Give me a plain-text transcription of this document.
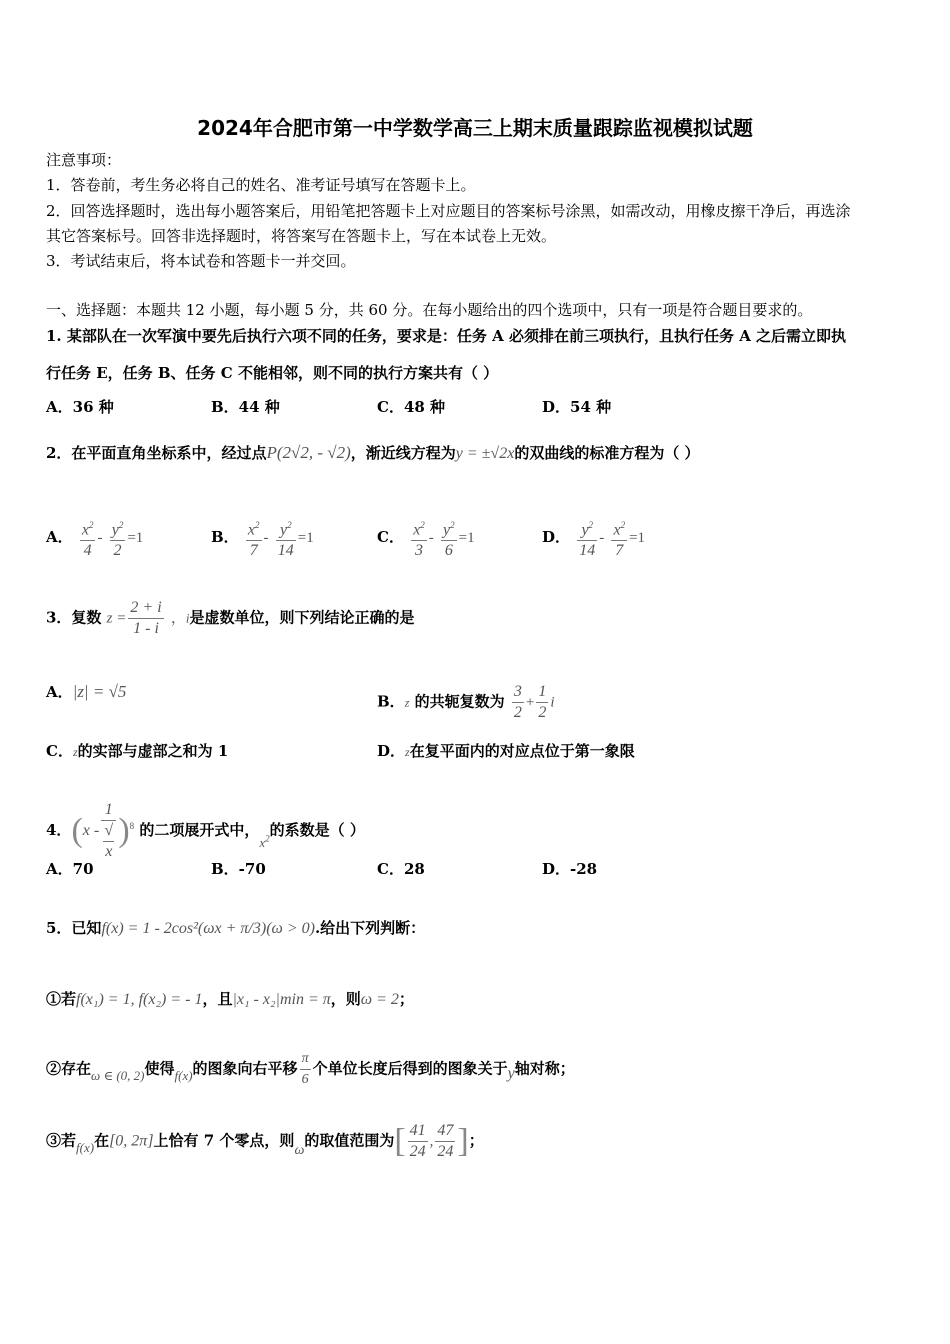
2024年合肥市第一中学数学高三上期末质量跟踪监视模拟试题
注意事项：
1．答卷前，考生务必将自己的姓名、准考证号填写在答题卡上。
2．回答选择题时，选出每小题答案后，用铅笔把答题卡上对应题目的答案标号涂黑，如需改动，用橡皮擦干净后，再选涂
其它答案标号。回答非选择题时，将答案写在答题卡上，写在本试卷上无效。
3．考试结束后，将本试卷和答题卡一并交回。
一、选择题：本题共 12 小题，每小题 5 分，共 60 分。在每小题给出的四个选项中，只有一项是符合题目要求的。
1. 某部队在一次军演中要先后执行六项不同的任务，要求是：任务 A 必须排在前三项执行，且执行任务 A 之后需立即执
行任务 E，任务 B、任务 C 不能相邻，则不同的执行方案共有（ ）
A．36 种	B．44 种	C．48 种	D．54 种
2．在平面直角坐标系中，经过点P(2√2, - √2)，渐近线方程为y = ±√2x的双曲线的标准方程为（ ）
A． $\frac{x^2}{4} - \frac{y^2}{2} =1$	B． $\frac{x^2}{7} - \frac{y^2}{14} =1$	C． $\frac{x^2}{3} - \frac{y^2}{6} =1$	D． $\frac{y^2}{14} - \frac{x^2}{7} =1$
3．复数 $z = \frac{2 + i}{1 - i}$ ，i是虚数单位，则下列结论正确的是
A．|z| = √5
B．z 的共轭复数为 $\frac{3}{2} + \frac{1}{2}$ i
C．z的实部与虚部之和为 1	D．z在复平面内的对应点位于第一象限
4．(x - 1
√
x )$^8$ 的二项展开式中，$x^2$的系数是（ ）
A．70	B．-70	C．28	D．-28
5．已知f(x) = 1 - 2cos²(ωx + π/3)(ω > 0).给出下列判断：
①若f(x₁) = 1, f(x₂) = - 1，且|x₁ - x₂|min = π，则ω = 2；
②存在ω ∈ (0, 2)使得f(x)的图象向右平移 $\frac{\pi}{6}$ 个单位长度后得到的图象关于y轴对称；
③若f(x)在[0, 2π]上恰有 7 个零点，则ω的取值范围为[ $\frac{41}{24}$ , $\frac{47}{24}$ ]；
